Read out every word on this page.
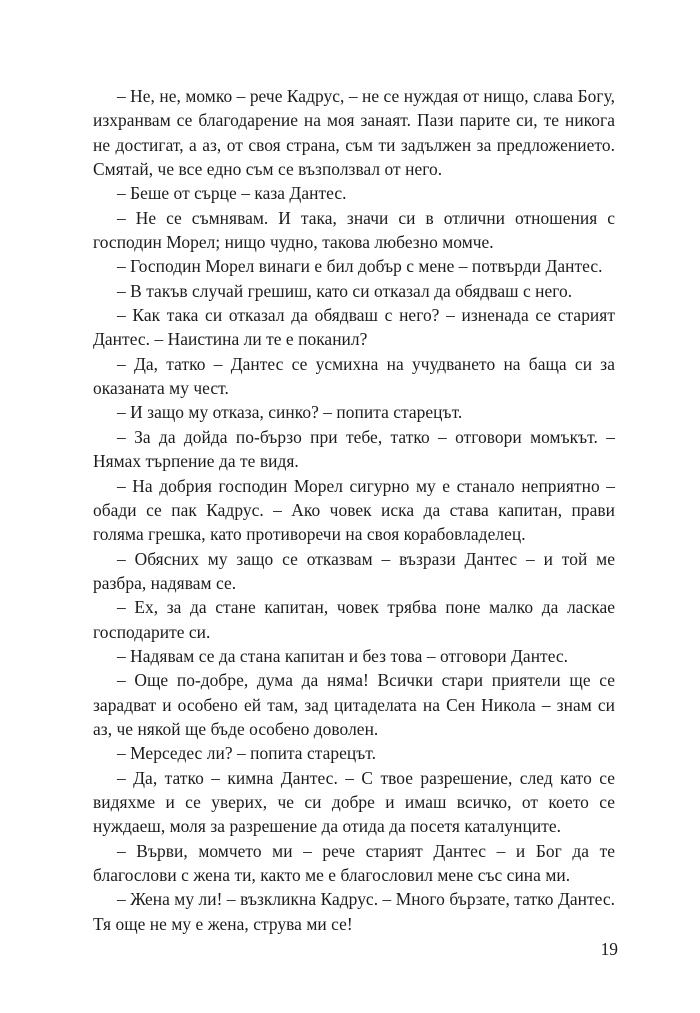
– Не, не, момко – рече Кадрус, – не се нуждая от нищо, слава Богу, изхранвам се благодарение на моя занаят. Пази парите си, те никога не достигат, а аз, от своя страна, съм ти задължен за предложението. Смятай, че все едно съм се възползвал от него.

– Беше от сърце – каза Дантес.

– Не се съмнявам. И така, значи си в отлични отношения с господин Морел; нищо чудно, такова любезно момче.

– Господин Морел винаги е бил добър с мене – потвърди Дантес.

– В такъв случай грешиш, като си отказал да обядваш с него.

– Как така си отказал да обядваш с него? – изненада се старият Дантес. – Наистина ли те е поканил?

– Да, татко – Дантес се усмихна на учудването на баща си за оказаната му чест.

– И защо му отказа, синко? – попита старецът.

– За да дойда по-бързо при тебе, татко – отговори момъкът. – Нямах търпение да те видя.

– На добрия господин Морел сигурно му е станало неприятно – обади се пак Кадрус. – Ако човек иска да става капитан, прави голяма грешка, като противоречи на своя корабовладелец.

– Обясних му защо се отказвам – възрази Дантес – и той ме разбра, надявам се.

– Ех, за да стане капитан, човек трябва поне малко да ласкае господарите си.

– Надявам се да стана капитан и без това – отговори Дантес.

– Още по-добре, дума да няма! Всички стари приятели ще се зарадват и особено ей там, зад цитаделата на Сен Никола – знам си аз, че някой ще бъде особено доволен.

– Мерседес ли? – попита старецът.

– Да, татко – кимна Дантес. – С твое разрешение, след като се видяхме и се уверих, че си добре и имаш всичко, от което се нуждаеш, моля за разрешение да отида да посетя каталунците.

– Върви, момчето ми – рече старият Дантес – и Бог да те благослови с жена ти, както ме е благословил мене със сина ми.

– Жена му ли! – възкликна Кадрус. – Много бързате, татко Дантес. Тя още не му е жена, струва ми се!

19
